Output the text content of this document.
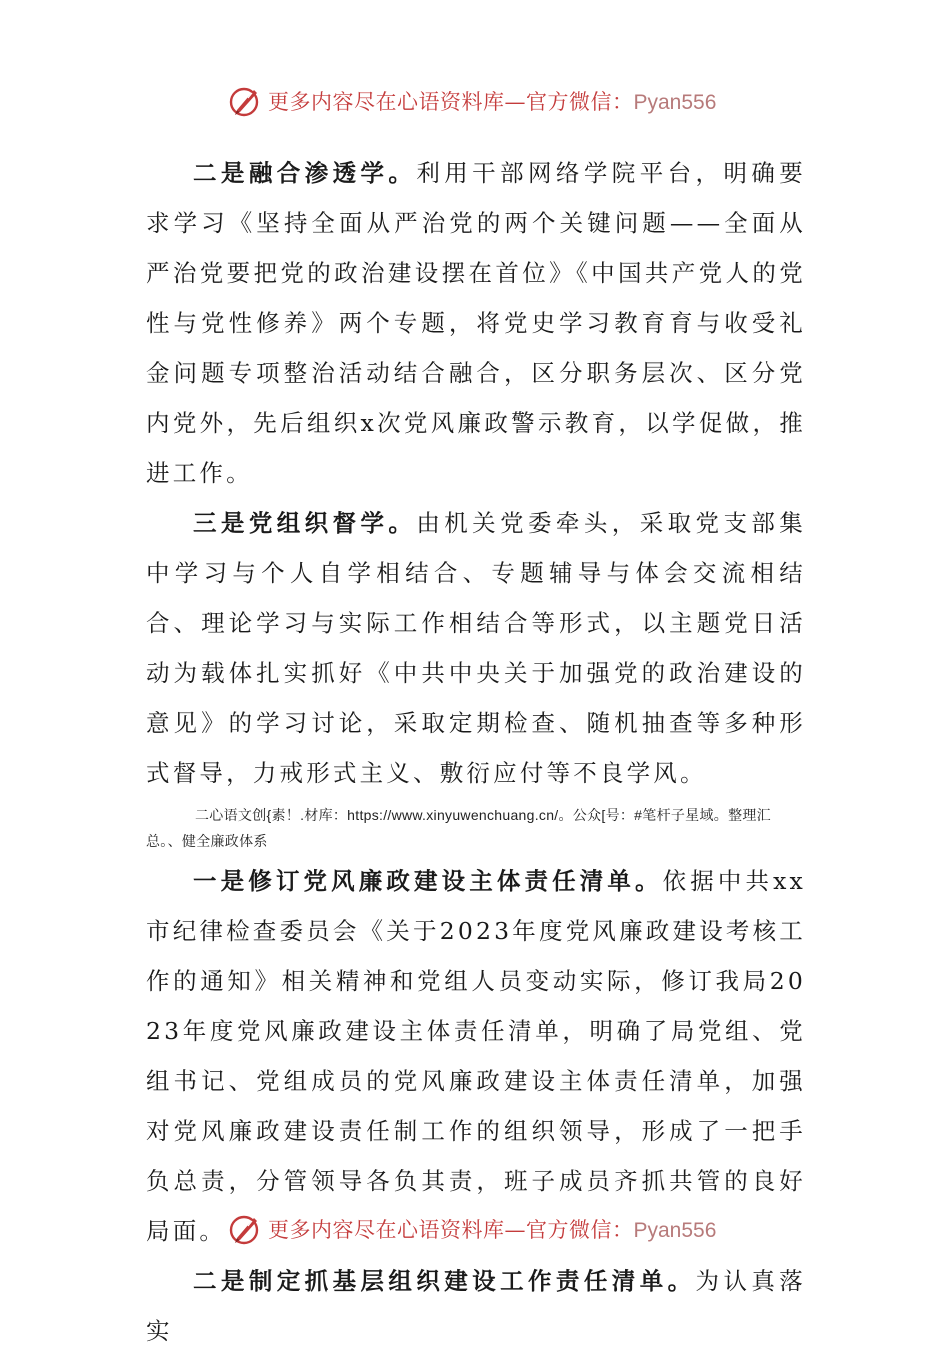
更多内容尽在心语资料库—官方微信：Pyan556

二是融合渗透学。利用干部网络学院平台，明确要求学习《坚持全面从严治党的两个关键问题——全面从严治党要把党的政治建设摆在首位》《中国共产党人的党性与党性修养》两个专题，将党史学习教育育与收受礼金问题专项整治活动结合融合，区分职务层次、区分党内党外，先后组织x次党风廉政警示教育，以学促做，推进工作。

三是党组织督学。由机关党委牵头，采取党支部集中学习与个人自学相结合、专题辅导与体会交流相结合、理论学习与实际工作相结合等形式，以主题党日活动为载体扎实抓好《中共中央关于加强党的政治建设的意见》的学习讨论，采取定期检查、随机抽查等多种形式督导，力戒形式主义、敷衍应付等不良学风。

二心语文创{素！.材库：https://www.xinyuwenchuang.cn/。公众[号：#笔杆子星域。整理汇总。、健全廉政体系

一是修订党风廉政建设主体责任清单。依据中共xx市纪律检查委员会《关于2023年度党风廉政建设考核工作的通知》相关精神和党组人员变动实际，修订我局2023年度党风廉政建设主体责任清单，明确了局党组、党组书记、党组成员的党风廉政建设主体责任清单，加强对党风廉政建设责任制工作的组织领导，形成了一把手负总责，分管领导各负其责，班子成员齐抓共管的良好局面。

二是制定抓基层组织建设工作责任清单。为认真落实

更多内容尽在心语资料库—官方微信：Pyan556
